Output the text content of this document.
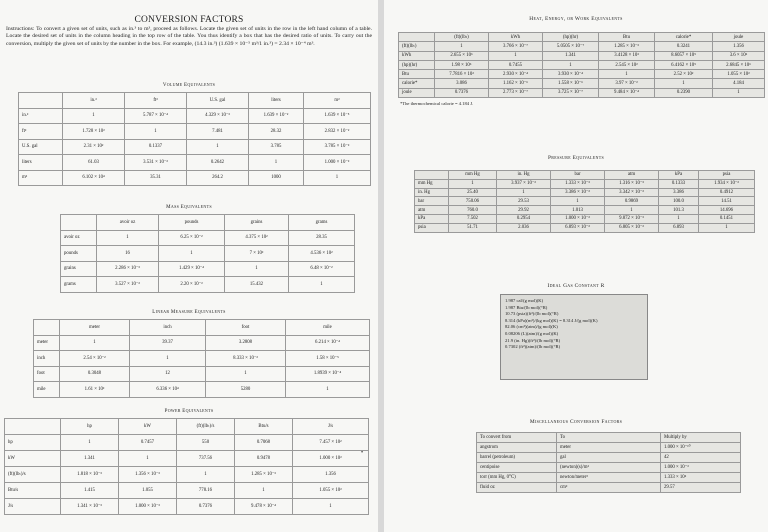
CONVERSION FACTORS

Instructions: To convert a given set of units, such as in.³ to m³, proceed as follows. Locate the given set of units in the row in the left hand column of a table. Locate the desired set of units in the column heading in the top row of the table. You thus identify a box that has the desired ratio of units. To carry out the conversion, multiply the given set of units by the number in the box. For example, (14.3 in.³) (1.639 × 10⁻⁵ m³/1 in.³) = 2.34 × 10⁻⁴ m³.

Volume Equivalents
	in.³	ft³	U.S. gal	liters	m³
in.³	1	5.787 × 10⁻⁴	4.329 × 10⁻³	1.639 × 10⁻²	1.639 × 10⁻⁵
ft³	1.728 × 10³	1	7.481	28.32	2.832 × 10⁻²
U.S. gal	2.31 × 10²	0.1337	1	3.785	3.785 × 10⁻³
liters	61.03	3.531 × 10⁻²	0.2642	1	1.000 × 10⁻³
m³	6.102 × 10⁴	35.31	264.2	1000	1
Mass Equivalents
	avoir oz	pounds	grains	grams
avoir oz	1	6.25 × 10⁻²	4.375 × 10²	28.35
pounds	16	1	7 × 10³	4.536 × 10²
grains	2.286 × 10⁻³	1.429 × 10⁻⁴	1	6.48 × 10⁻²
grams	3.527 × 10⁻²	2.20 × 10⁻³	15.432	1
Linear Measure Equivalents
	meter	inch	foot	mile
meter	1	39.37	3.2808	6.214 × 10⁻⁴
inch	2.54 × 10⁻²	1	8.333 × 10⁻²	1.58 × 10⁻⁵
foot	0.3048	12	1	1.8939 × 10⁻⁴
mile	1.61 × 10³	6.336 × 10⁴	5280	1
Power Equivalents
	hp	kW	(ft)(lbₜ)/s	Btu/s	J/s
hp	1	0.7457	550	0.7068	7.457 × 10²
kW	1.341	1	737.56	0.9478	1.000 × 10³
(ft)(lbₜ)/s	1.818 × 10⁻³	1.356 × 10⁻³	1	1.285 × 10⁻³	1.356
Btu/s	1.415	1.055	778.16	1	1.055 × 10³
J/s	1.341 × 10⁻³	1.000 × 10⁻³	0.7376	9.478 × 10⁻⁴	1
•
Heat, Energy, or Work Equivalents
	(ft)(lbₜ)	kWh	(hp)(hr)	Btu	calorie*	joule
(ft)(lbₜ)	1	3.766 × 10⁻⁷	5.0505 × 10⁻⁷	1.285 × 10⁻³	0.3241	1.356
kWh	2.655 × 10⁶	1	1.341	3.4128 × 10³	8.6057 × 10⁵	3.6 × 10⁶
(hp)(hr)	1.98 × 10⁶	0.7455	1	2.545 × 10³	6.4162 × 10⁵	2.6845 × 10⁶
Btu	7.7816 × 10²	2.930 × 10⁻⁴	3.930 × 10⁻⁴	1	2.52 × 10²	1.055 × 10³
calorie*	3.086	1.162 × 10⁻⁶	1.558 × 10⁻⁶	3.97 × 10⁻³	1	4.184
joule	0.7376	2.773 × 10⁻⁷	3.725 × 10⁻⁷	9.484 × 10⁻⁴	0.2390	1
*The thermochemical calorie = 4.184 J.
Pressure Equivalents
	mm Hg	in. Hg	bar	atm	kPa	psia
mm Hg	1	3.937 × 10⁻²	1.333 × 10⁻³	1.316 × 10⁻³	0.1333	1.934 × 10⁻²
in. Hg	25.40	1	3.386 × 10⁻²	3.342 × 10⁻²	3.386	0.4912
bar	750.06	29.53	1	0.9869	100.0	14.51
atm	760.0	29.92	1.013	1	101.3	14.696
kPa	7.502	0.2954	1.000 × 10⁻²	9.872 × 10⁻³	1	0.1451
psia	51.71	2.036	6.893 × 10⁻²	6.805 × 10⁻²	6.893	1
Ideal Gas Constant R
Miscellaneous Conversion Factors
To convert from	To	Multiply by
angstrom	meter	1.000 × 10⁻¹⁰
barrel (petroleum)	gal	42
centipoise	(newton)(s)/m²	1.000 × 10⁻³
torr (mm Hg, 0°C)	newton/meter²	1.333 × 10²
fluid oz	cm³	29.57
1.987 cal/(g mol)(K)
1.987 Btu/(lb mol)(°R)
10.73 (psia)(ft³)/(lb mol)(°R)
8.314 (kPa)(m³)/(kg mol)(K) = 8.314 J/(g mol)(K)
82.06 (cm³)(atm)/(g mol)(K)
0.08206 (L)(atm)/(g mol)(K)
21.9 (in. Hg)(ft³)/(lb mol)(°R)
0.7302 (ft³)(atm)/(lb mol)(°R)
